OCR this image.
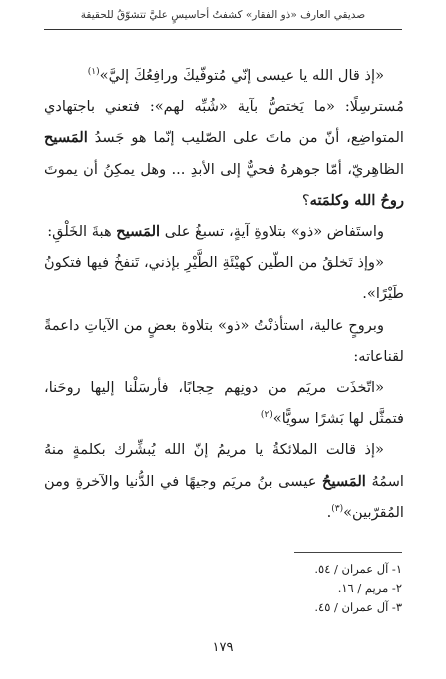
صديقي العارف «ذو الفقار» كشفتُ أحاسيسٍ عليَّ تتشوّقُ للحقيقة

«إذ قال الله يا عيسى إنّي مُتوفّيكَ ورافِعُكَ إليَّ»$^{(١)}$

مُسترسِلًا: «ما يَختصُّ بآية «شُبِّه لهم»: فتعني باجتهادي المتواضِع، أنّ من ماتَ على الصّليب إنّما هو جَسدُ المَسيح الظاهِريّ، أمّا جوهرهُ فحيٌّ إلى الأبدِ ... وهل يمكِنُ أن يموتَ روحُ الله وكلمَته؟

واستَفاض «ذو» بتلاوةِ آيةٍ، تسبغُ على المَسيح هبةَ الخَلْقِ:

«وإذ تَخلقُ من الطّين كهيْئَةِ الطَّيْرِ بإذني، تَنفخُ فيها فتكونُ طَيْرًا».

وبروحٍ عالية، استأذنْتُ «ذو» بتلاوة بعضٍ من الآياتِ داعمةً لقناعاته:

«اتّخذَت مريَم من دونِهم حِجابًا، فأرسَلْنا إليها روحَنا، فتمثَّل لها بَشرًا سويًّا»$^{(٢)}$

«إذ قالت الملائكةُ يا مريمُ إنّ الله يُبشِّرك بكلمةٍ منهُ اسمُهُ المَسيحُ عيسى بنُ مريَم وجيهًا في الدُّنيا والآخرةِ ومن المُقرّبين»$^{(٣)}$.

١- آل عمران / ٥٤.
٢- مريم / ١٦.
٣- آل عمران / ٤٥.
١٧٩
